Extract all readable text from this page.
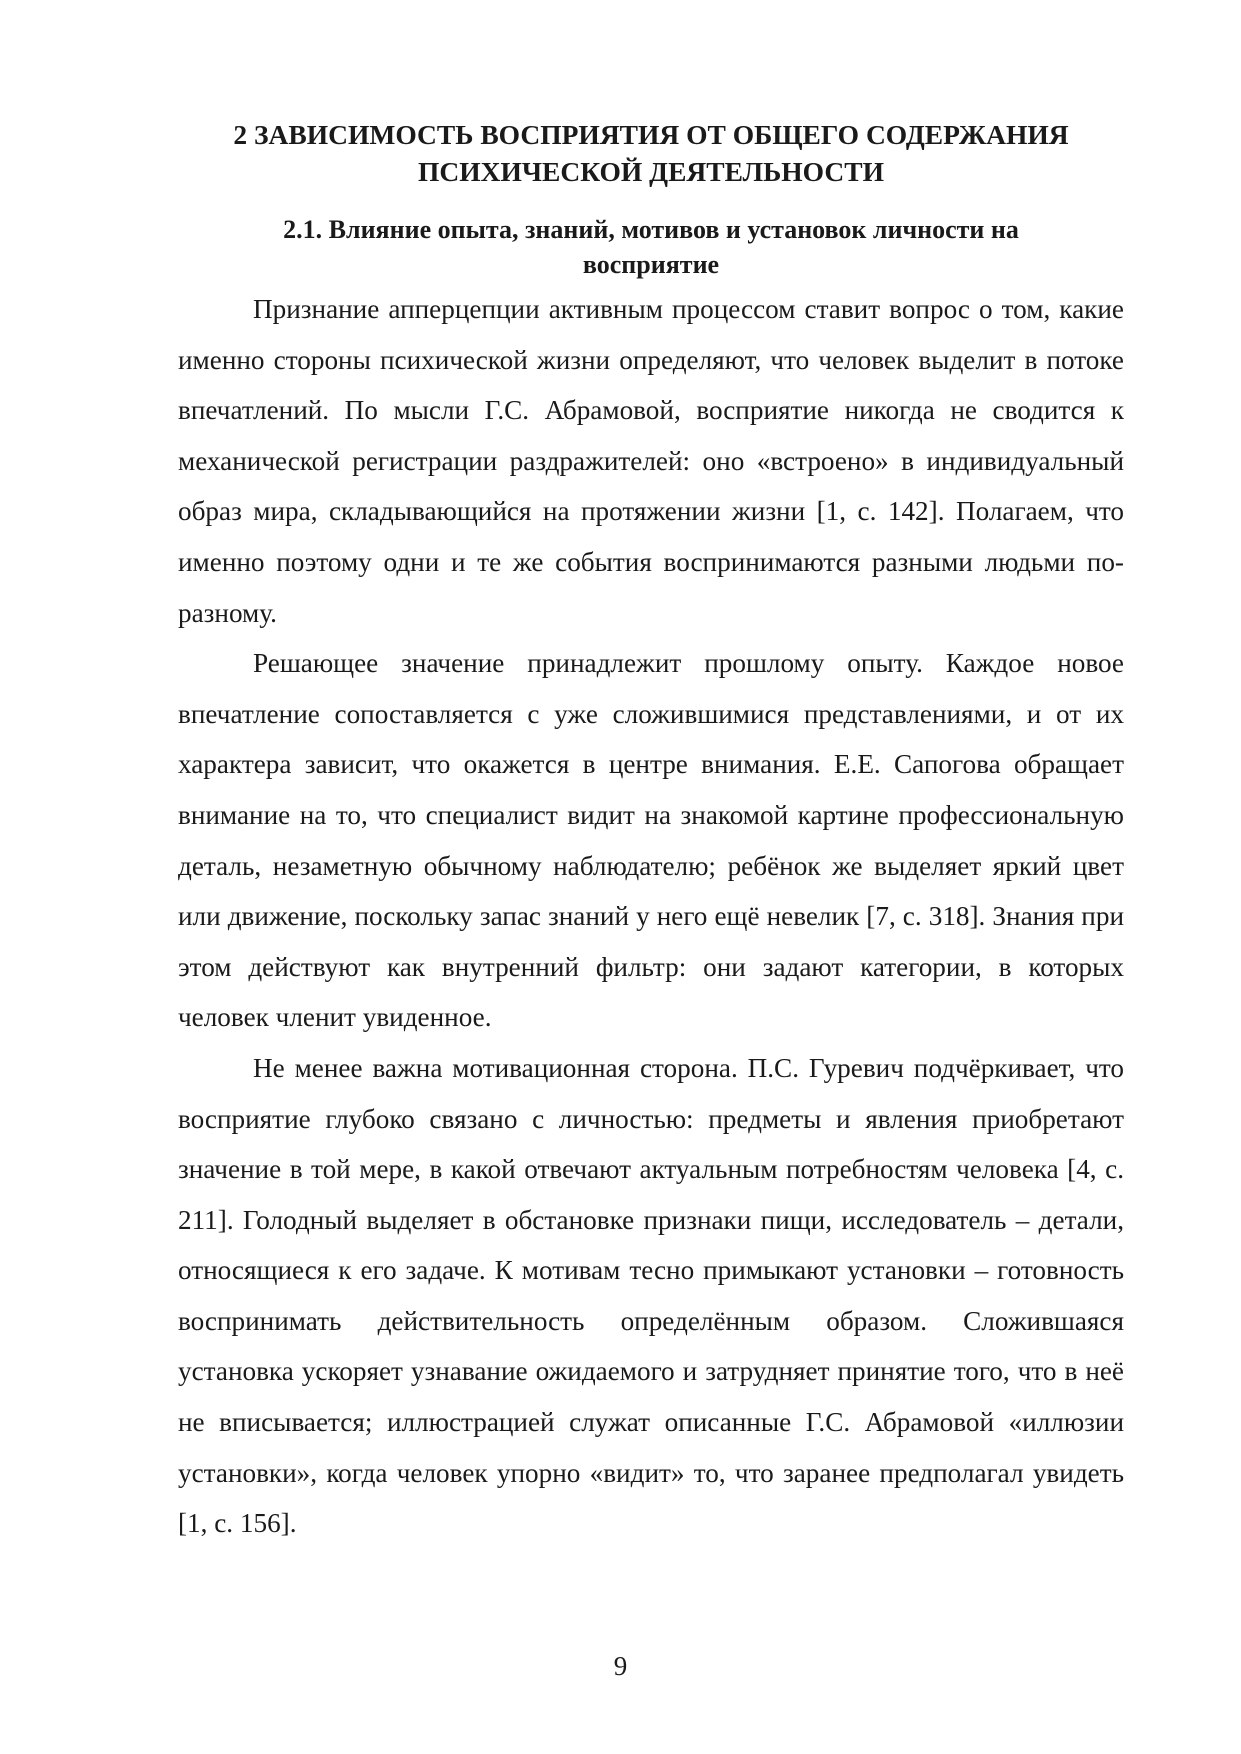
2 ЗАВИСИМОСТЬ ВОСПРИЯТИЯ ОТ ОБЩЕГО СОДЕРЖАНИЯ
ПСИХИЧЕСКОЙ ДЕЯТЕЛЬНОСТИ
2.1. Влияние опыта, знаний, мотивов и установок личности на
восприятие

Признание апперцепции активным процессом ставит вопрос о том, какие именно стороны психической жизни определяют, что человек выделит в потоке впечатлений. По мысли Г.С. Абрамовой, восприятие никогда не сводится к механической регистрации раздражителей: оно «встроено» в индивидуальный образ мира, складывающийся на протяжении жизни [1, с. 142]. Полагаем, что именно поэтому одни и те же события воспринимаются разными людьми по-разному.

Решающее значение принадлежит прошлому опыту. Каждое новое впечатление сопоставляется с уже сложившимися представлениями, и от их характера зависит, что окажется в центре внимания. Е.Е. Сапогова обращает внимание на то, что специалист видит на знакомой картине профессиональную деталь, незаметную обычному наблюдателю; ребёнок же выделяет яркий цвет или движение, поскольку запас знаний у него ещё невелик [7, с. 318]. Знания при этом действуют как внутренний фильтр: они задают категории, в которых человек членит увиденное.

Не менее важна мотивационная сторона. П.С. Гуревич подчёркивает, что восприятие глубоко связано с личностью: предметы и явления приобретают значение в той мере, в какой отвечают актуальным потребностям человека [4, с. 211]. Голодный выделяет в обстановке признаки пищи, исследователь – детали, относящиеся к его задаче. К мотивам тесно примыкают установки – готовность воспринимать действительность определённым образом. Сложившаяся установка ускоряет узнавание ожидаемого и затрудняет принятие того, что в неё не вписывается; иллюстрацией служат описанные Г.С. Абрамовой «иллюзии установки», когда человек упорно «видит» то, что заранее предполагал увидеть [1, с. 156].

9
